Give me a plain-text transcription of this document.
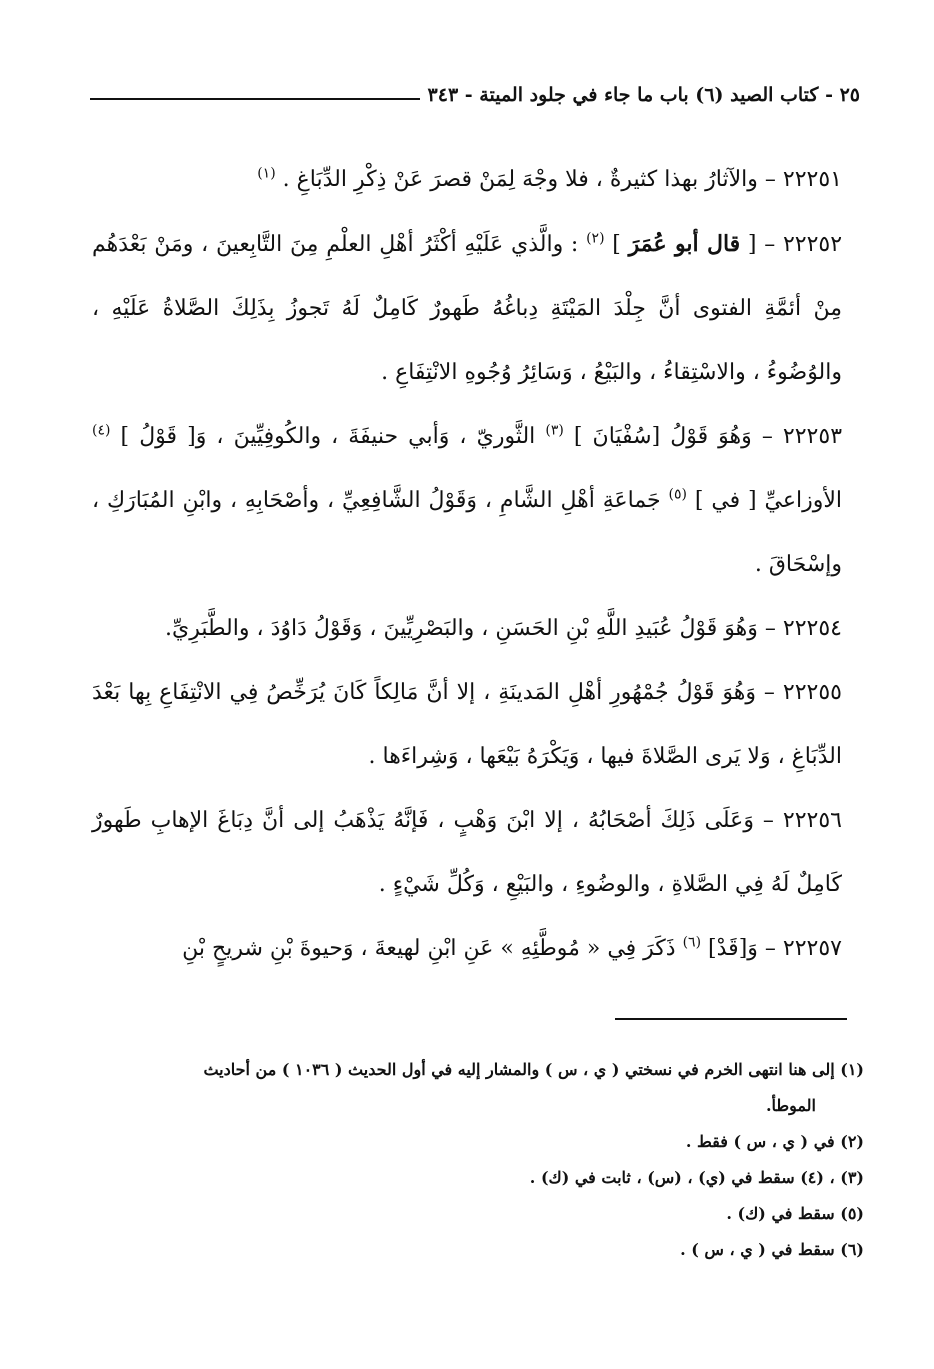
٢٥ - كتاب الصيد (٦) باب ما جاء في جلود الميتة - ٣٤٣

٢٢٢٥١ – والآثارُ بهذا كثيرةٌ ، فلا وجْهَ لِمَنْ قصرَ عَنْ ذِكْرِ الدِّبَاغِ . $^{(١)}$

٢٢٢٥٢ – [ قال أبو عُمَرَ ] $^{(٢)}$ : والَّذي عَلَيْهِ أكْثَرُ أهْلِ العلْمِ مِنَ التَّابِعينَ ، ومَنْ بَعْدَهُم مِنْ أئمَّةِ الفتوى أنَّ جِلْدَ المَيْتَةِ دِباغُهُ طَهورٌ كَامِلٌ لَهُ تَجوزُ بِذَلِكَ الصَّلاةُ عَلَيْهِ ، والوُضُوءُ ، والاسْتِقاءُ ، والبَيْعُ ، وَسَائِرُ وُجُوهِ الانْتِفَاعِ .

٢٢٢٥٣ – وَهُوَ قَوْلُ [سُفْيَانَ ] $^{(٣)}$ الثَّوريّ ، وَأبي حنيفَةَ ، والكُوفِيِّينَ ، وَ[ قَوْلُ ] $^{(٤)}$ الأوزاعيِّ [ في ] $^{(٥)}$ جَماعَةِ أهْلِ الشَّامِ ، وَقَوْلُ الشَّافِعِيِّ ، وأصْحَابِهِ ، وابْنِ المُبَارَكِ ، وإسْحَاقَ .

٢٢٢٥٤ – وَهُوَ قَوْلُ عُبَيدِ اللَّهِ بْنِ الحَسَنِ ، والبَصْرِيِّينَ ، وَقَوْلُ دَاوُدَ ، والطَّبَرِيِّ.

٢٢٢٥٥ – وَهُوَ قَوْلُ جُمْهُورِ أهْلِ المَدينَةِ ، إلا أنَّ مَالِكاً كَانَ يُرَخِّصُ فِي الانْتِفَاعِ بِها بَعْدَ الدِّبَاغِ ، وَلا يَرى الصَّلاةَ فيها ، وَيَكْرَهُ بَيْعَها ، وَشِراءَها .

٢٢٢٥٦ – وَعَلَى ذَلِكَ أصْحَابُهُ ، إلا ابْنَ وَهْبٍ ، فَإنَّهُ يَذْهَبُ إلى أنَّ دِبَاغَ الإهابِ طَهورٌ كَامِلٌ لَهُ فِي الصَّلاةِ ، والوضُوءِ ، والبَيْعِ ، وَكُلِّ شَيْءٍ .

٢٢٢٥٧ – وَ[قَدْ] $^{(٦)}$ ذَكَرَ فِي « مُوطَّئِهِ » عَنِ ابْنِ لهيعةَ ، وَحيوةَ بْنِ شريحٍ بْنِ

(١) إلى هنا انتهى الخرم في نسختي ( ي ، س ) والمشار إليه في أول الحديث ( ١٠٣٦ ) من أحاديث

الموطأ.

(٢) في ( ي ، س ) فقط .

(٣) ، (٤) سقط في (ي) ، (س) ، ثابت في (ك) .

(٥) سقط في (ك) .

(٦) سقط في ( ي ، س ) .
